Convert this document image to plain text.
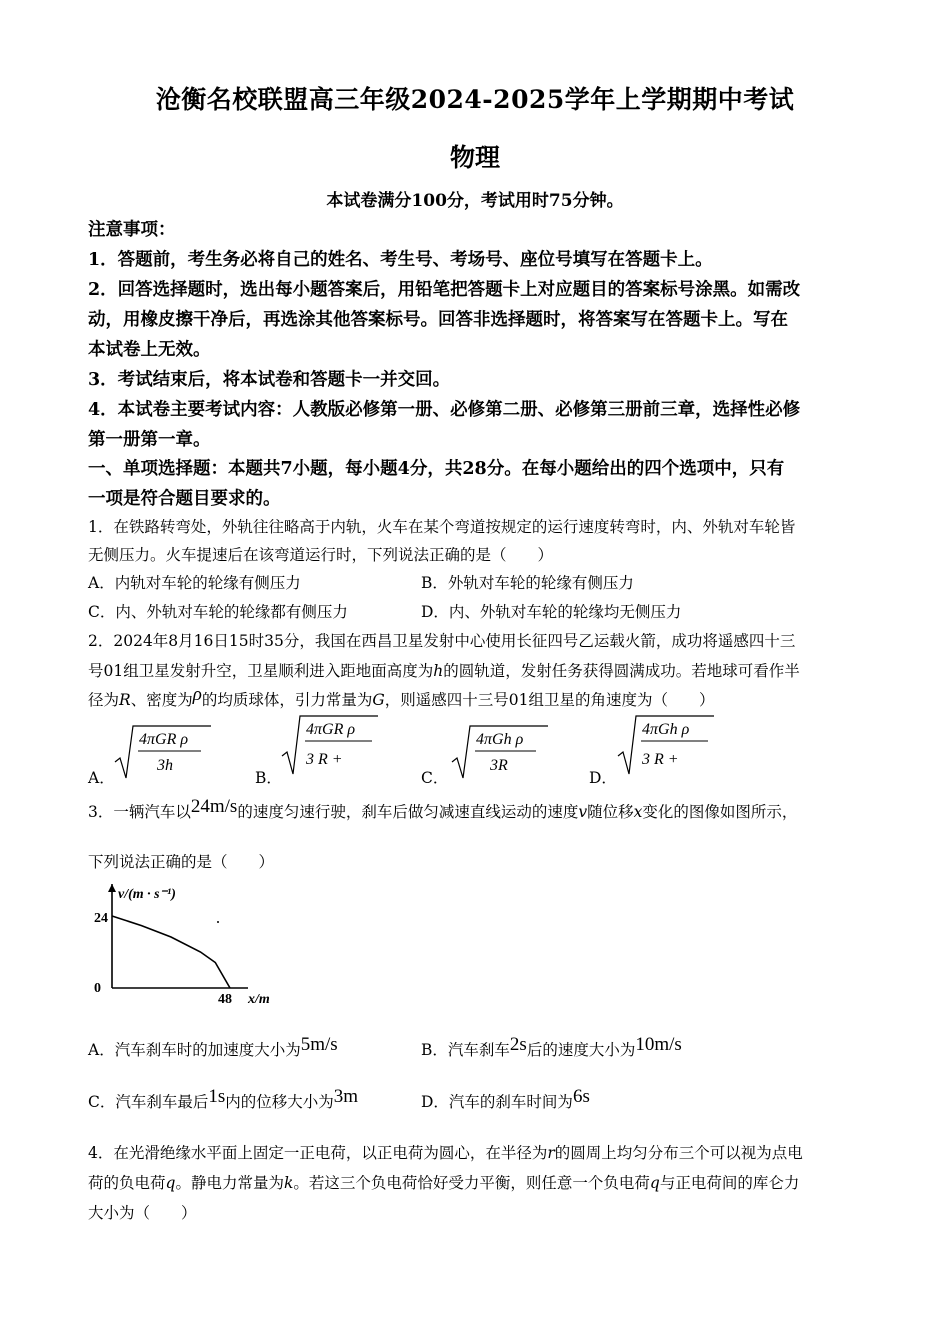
沧衡名校联盟高三年级2024-2025学年上学期期中考试
物理
本试卷满分100分，考试用时75分钟。
注意事项：
1．答题前，考生务必将自己的姓名、考生号、考场号、座位号填写在答题卡上。
2．回答选择题时，选出每小题答案后，用铅笔把答题卡上对应题目的答案标号涂黑。如需改
动，用橡皮擦干净后，再选涂其他答案标号。回答非选择题时，将答案写在答题卡上。写在
本试卷上无效。
3．考试结束后，将本试卷和答题卡一并交回。
4．本试卷主要考试内容：人教版必修第一册、必修第二册、必修第三册前三章，选择性必修
第一册第一章。
一、单项选择题：本题共7小题，每小题4分，共28分。在每小题给出的四个选项中，只有
一项是符合题目要求的。
1．在铁路转弯处，外轨往往略高于内轨，火车在某个弯道按规定的运行速度转弯时，内、外轨对车轮皆
无侧压力。火车提速后在该弯道运行时，下列说法正确的是（　　）
A．内轨对车轮的轮缘有侧压力	B．外轨对车轮的轮缘有侧压力
C．内、外轨对车轮的轮缘都有侧压力	D．内、外轨对车轮的轮缘均无侧压力
2．2024年8月16日15时35分，我国在西昌卫星发射中心使用长征四号乙运载火箭，成功将遥感四十三
号01组卫星发射升空，卫星顺利进入距地面高度为h的圆轨道，发射任务获得圆满成功。若地球可看作半
径为R、密度为ρ的均质球体，引力常量为G，则遥感四十三号01组卫星的角速度为（　　）
A．	B．	C．	D．
4πGR ρ
3h
4πGR ρ
3 R +
4πGh ρ
3R
4πGh ρ
3 R +
3．一辆汽车以24m/s的速度匀速行驶，刹车后做匀减速直线运动的速度v随位移x变化的图像如图所示，
下列说法正确的是（　　）
v/(m · s⁻¹)
24
0
48 x/m
A．汽车刹车时的加速度大小为5m/s	B．汽车刹车2s后的速度大小为10m/s
C．汽车刹车最后1s内的位移大小为3m	D．汽车的刹车时间为6s
4．在光滑绝缘水平面上固定一正电荷，以正电荷为圆心，在半径为r的圆周上均匀分布三个可以视为点电
荷的负电荷q。静电力常量为k。若这三个负电荷恰好受力平衡，则任意一个负电荷q与正电荷间的库仑力
大小为（　　）
